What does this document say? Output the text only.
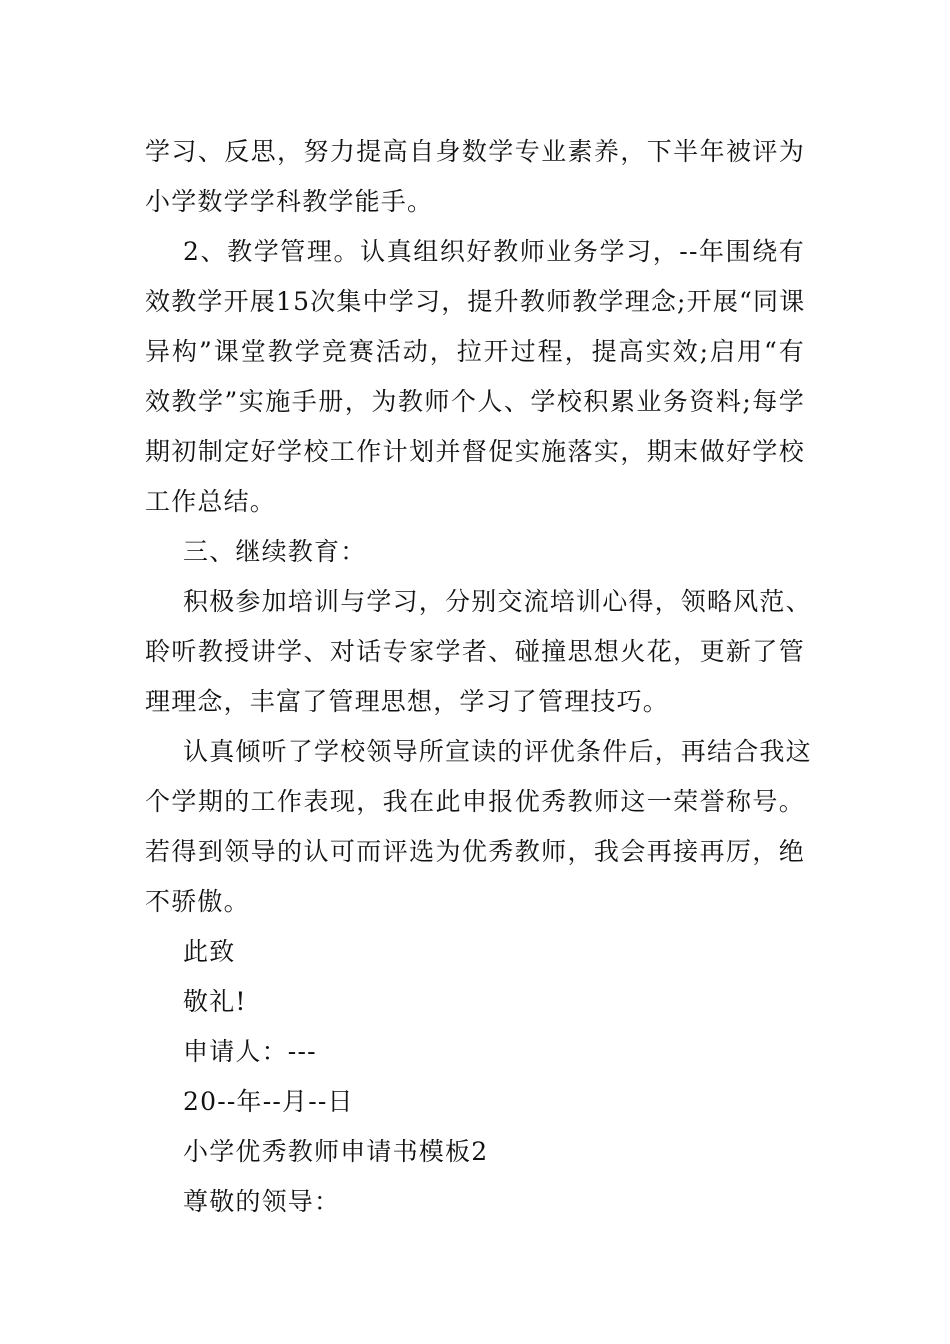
学习、反思，努力提高自身数学专业素养，下半年被评为
小学数学学科教学能手。
2、教学管理。认真组织好教师业务学习，--年围绕有
效教学开展15次集中学习，提升教师教学理念;开展“同课
异构”课堂教学竞赛活动，拉开过程，提高实效;启用“有
效教学”实施手册，为教师个人、学校积累业务资料;每学
期初制定好学校工作计划并督促实施落实，期末做好学校
工作总结。
三、继续教育：
积极参加培训与学习，分别交流培训心得，领略风范、
聆听教授讲学、对话专家学者、碰撞思想火花，更新了管
理理念，丰富了管理思想，学习了管理技巧。
认真倾听了学校领导所宣读的评优条件后，再结合我这
个学期的工作表现，我在此申报优秀教师这一荣誉称号。
若得到领导的认可而评选为优秀教师，我会再接再厉，绝
不骄傲。
此致
敬礼!
申请人：---
20--年--月--日
小学优秀教师申请书模板2
尊敬的领导：
